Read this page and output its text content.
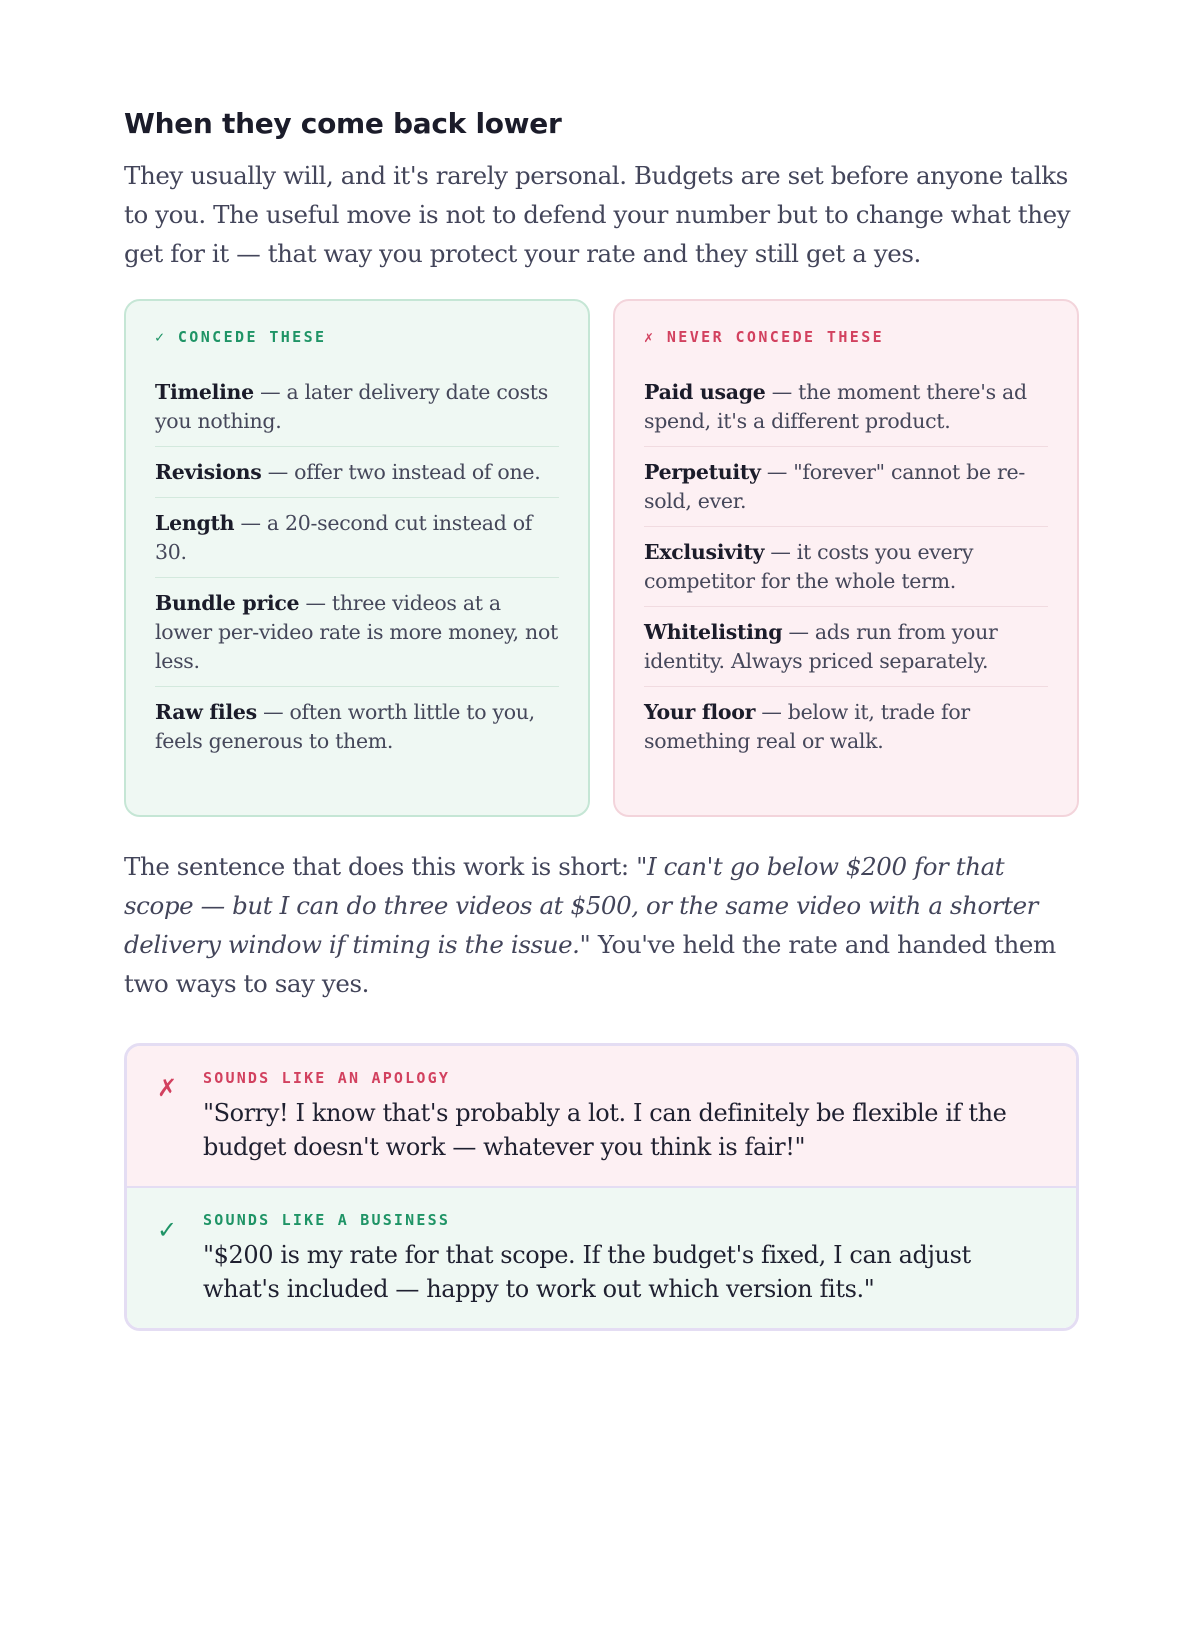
When they come back lower

They usually will, and it's rarely personal. Budgets are set before anyone talks to you. The useful move is not to defend your number but to change what they get for it — that way you protect your rate and they still get a yes.

✓ CONCEDE THESE
Timeline — a later delivery date costs you nothing.
Revisions — offer two instead of one.
Length — a 20-second cut instead of 30.
Bundle price — three videos at a lower per-video rate is more money, not less.
Raw files — often worth little to you, feels generous to them.
✗ NEVER CONCEDE THESE
Paid usage — the moment there's ad spend, it's a different product.
Perpetuity — "forever" cannot be re-sold, ever.
Exclusivity — it costs you every competitor for the whole term.
Whitelisting — ads run from your identity. Always priced separately.
Your floor — below it, trade for something real or walk.

The sentence that does this work is short: "I can't go below $200 for that scope — but I can do three videos at $500, or the same video with a shorter delivery window if timing is the issue." You've held the rate and handed them two ways to say yes.

✗	SOUNDS LIKE AN APOLOGY
"Sorry! I know that's probably a lot. I can definitely be flexible if the budget doesn't work — whatever you think is fair!"
✓	SOUNDS LIKE A BUSINESS
"$200 is my rate for that scope. If the budget's fixed, I can adjust what's included — happy to work out which version fits."
